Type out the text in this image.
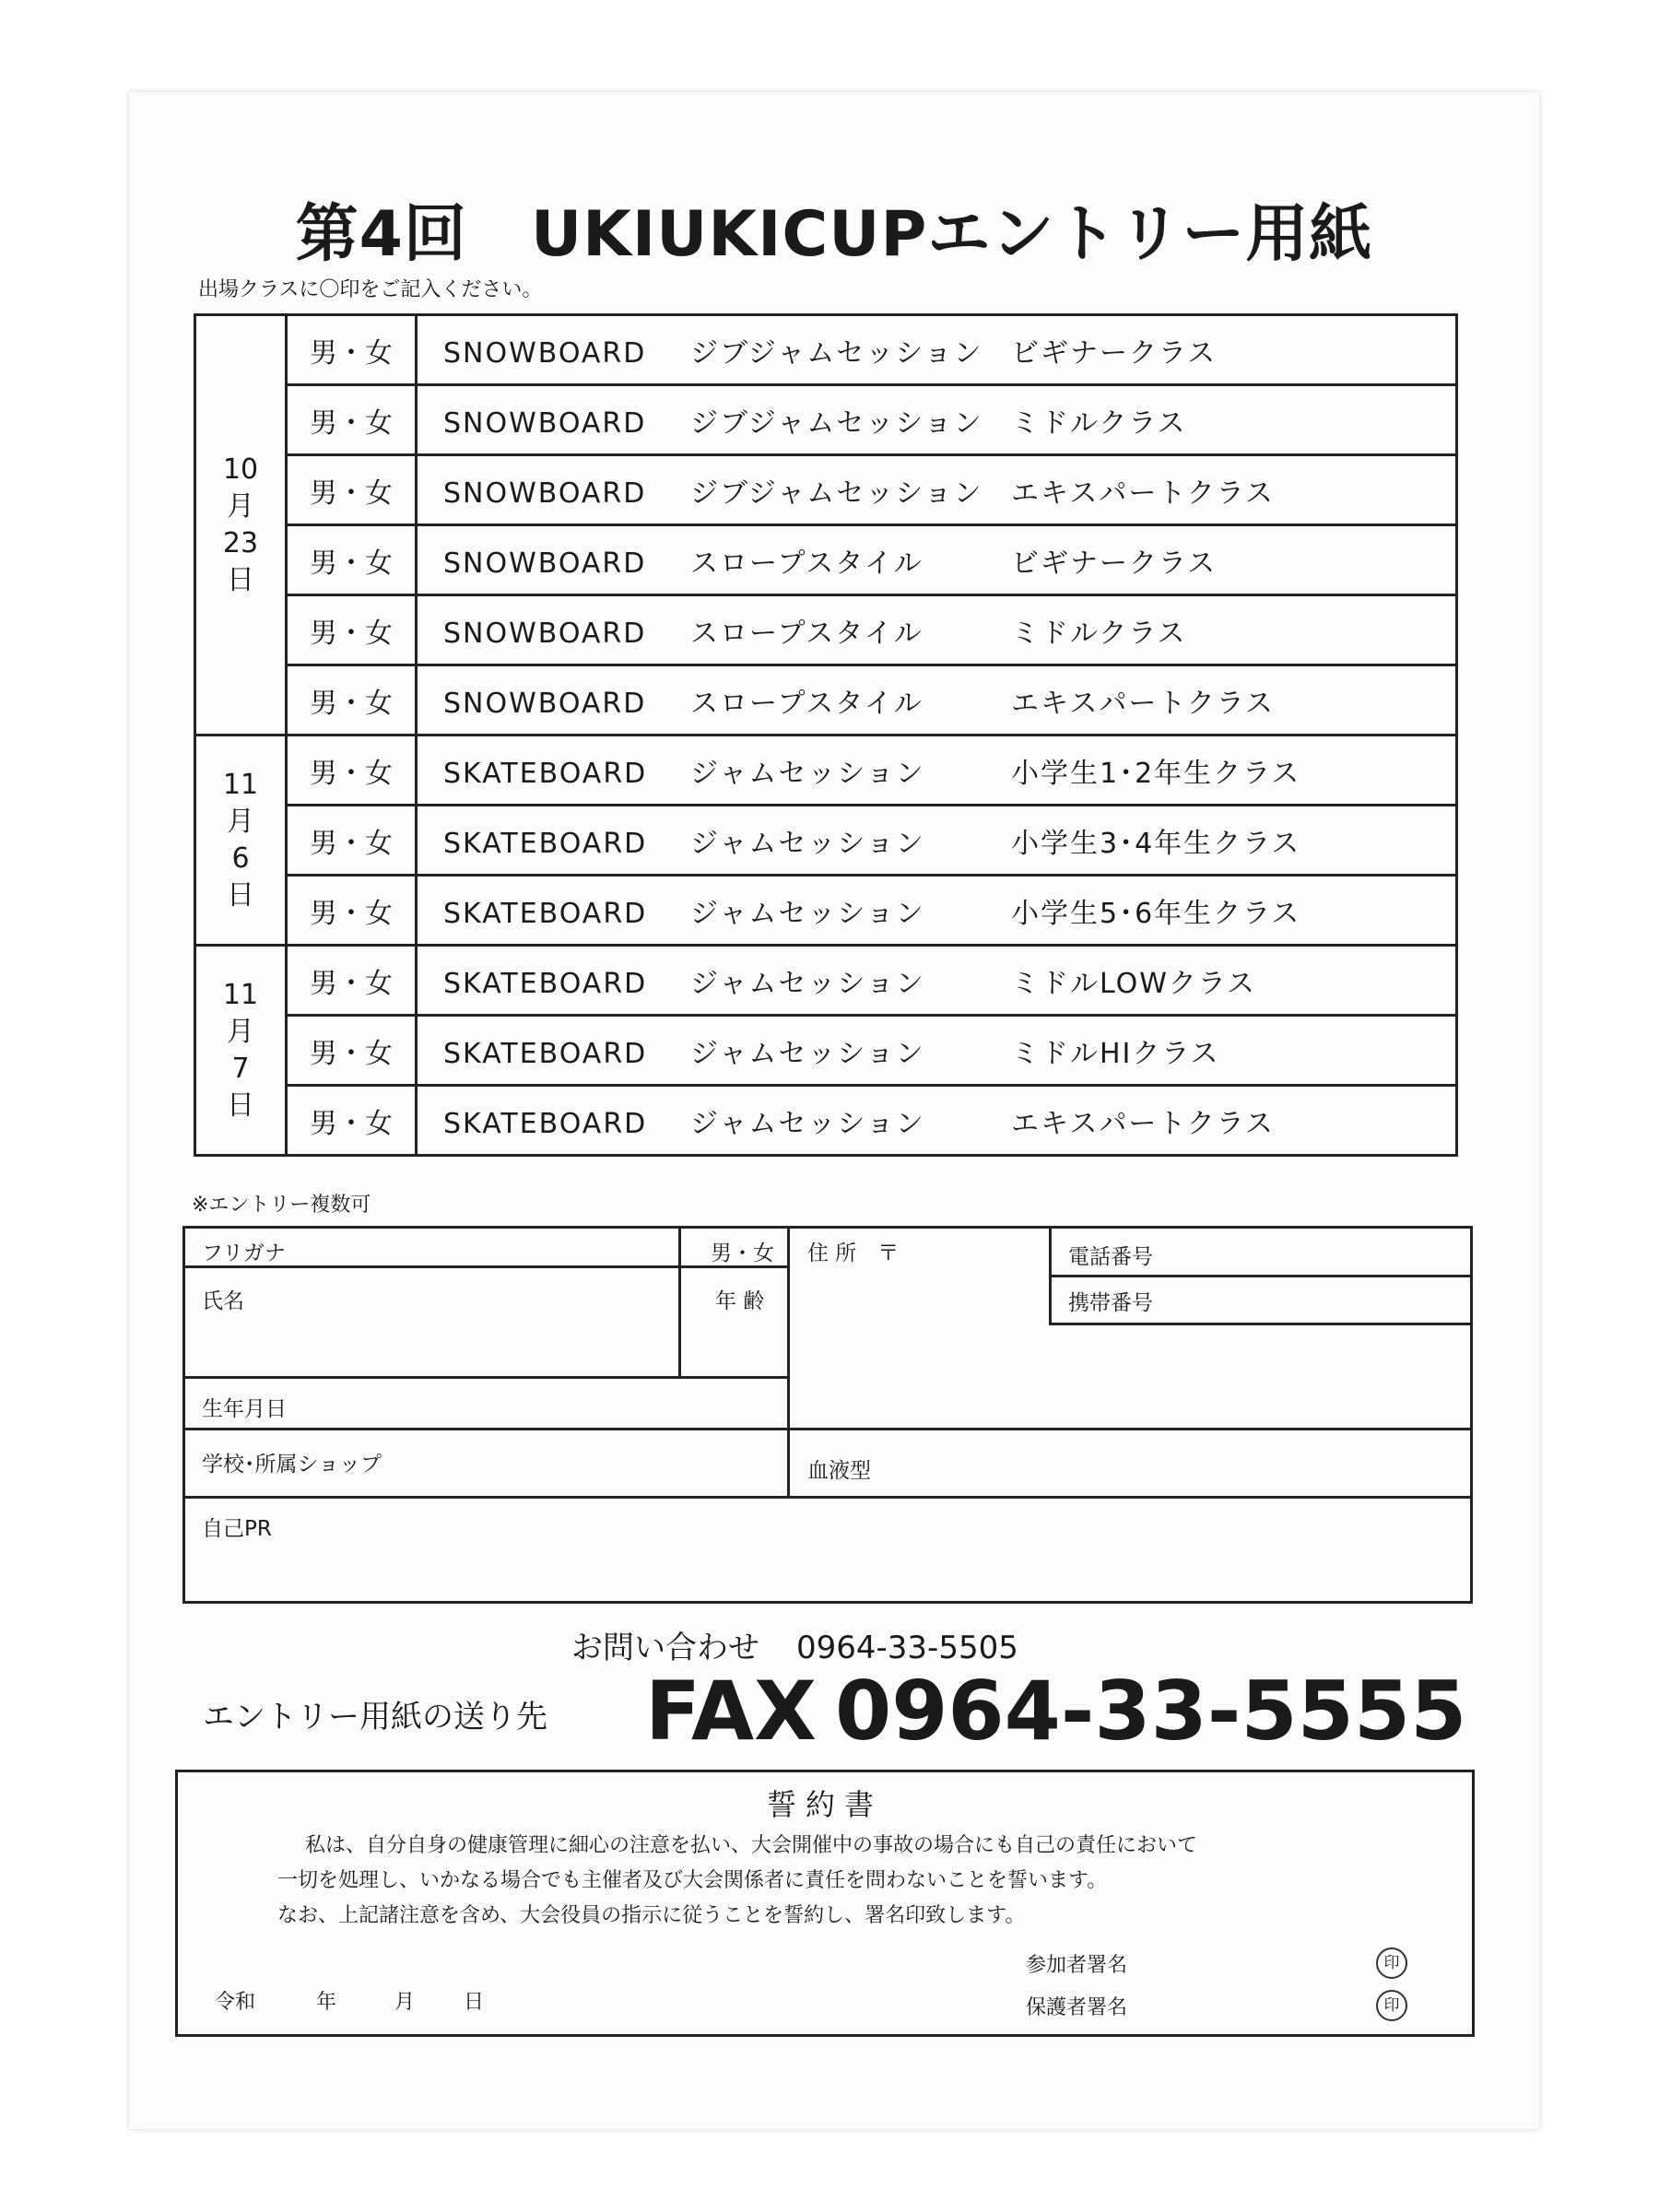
第4回　UKIUKICUPエントリー用紙
出場クラスに〇印をご記入ください。
10
月
23
日	男・女	SNOWBOARD ジブジャムセッション ビギナークラス
	男・女	SNOWBOARD ジブジャムセッション ミドルクラス
	男・女	SNOWBOARD ジブジャムセッション エキスパートクラス
	男・女	SNOWBOARD スロープスタイル ビギナークラス
	男・女	SNOWBOARD スロープスタイル ミドルクラス
	男・女	SNOWBOARD スロープスタイル エキスパートクラス

11
月
6
日	男・女	SKATEBOARD ジャムセッション 小学生1･2年生クラス
	男・女	SKATEBOARD ジャムセッション 小学生3･4年生クラス
	男・女	SKATEBOARD ジャムセッション 小学生5･6年生クラス

11
月
7
日	男・女	SKATEBOARD ジャムセッション ミドルLOWクラス
	男・女	SKATEBOARD ジャムセッション ミドルHIクラス
	男・女	SKATEBOARD ジャムセッション エキスパートクラス
※エントリー複数可
フリガナ	男・女 住 所　〒	電話番号
氏名	年 齢	携帯番号
生年月日
学校･所属ショップ	血液型
自己PR
お問い合わせ 0964-33-5505
エントリー用紙の送り先 FAX 0964-33-5555
誓約書
私は、自分自身の健康管理に細心の注意を払い、大会開催中の事故の場合にも自己の責任において
一切を処理し、いかなる場合でも主催者及び大会関係者に責任を問わないことを誓います。
なお、上記諸注意を含め、大会役員の指示に従うことを誓約し、署名印致します。
令和	年	月 日
参加者署名
保護者署名
印
印
